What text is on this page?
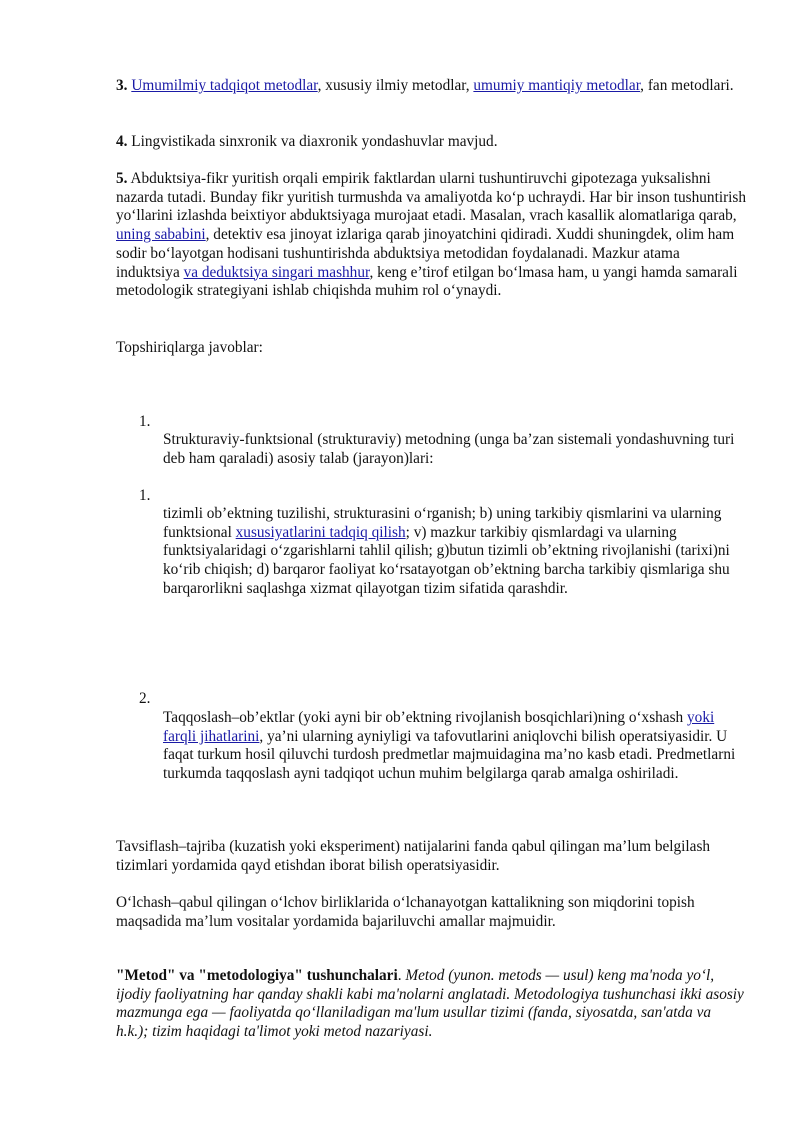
3. Umumilmiy tadqiqot metodlar, xususiy ilmiy metodlar, umumiy mantiqiy metodlar, fan metodlari.

4. Lingvistikada sinxronik va diaxronik yondashuvlar mavjud.

5. Abduktsiya-fikr yuritish orqali empirik faktlardan ularni tushuntiruvchi gipotezaga yuksalishni nazarda tutadi. Bunday fikr yuritish turmushda va amaliyotda ko‘p uchraydi. Har bir inson tushuntirish yo‘llarini izlashda beixtiyor abduktsiyaga murojaat etadi. Masalan, vrach kasallik alomatlariga qarab, uning sababini, detektiv esa jinoyat izlariga qarab jinoyatchini qidiradi. Xuddi shuningdek, olim ham sodir bo‘layotgan hodisani tushuntirishda abduktsiya metodidan foydalanadi. Mazkur atama induktsiya va deduktsiya singari mashhur, keng e’tirof etilgan bo‘lmasa ham, u yangi hamda samarali metodologik strategiyani ishlab chiqishda muhim rol o‘ynaydi.

Topshiriqlarga javoblar:

1.

Strukturaviy-funktsional (strukturaviy) metodning (unga ba’zan sistemali yondashuvning turi deb ham qaraladi) asosiy talab (jarayon)lari:

1.

tizimli ob’ektning tuzilishi, strukturasini o‘rganish; b) uning tarkibiy qismlarini va ularning funktsional xususiyatlarini tadqiq qilish; v) mazkur tarkibiy qismlardagi va ularning funktsiyalaridagi o‘zgarishlarni tahlil qilish; g)butun tizimli ob’ektning rivojlanishi (tarixi)ni ko‘rib chiqish; d) barqaror faoliyat ko‘rsatayotgan ob’ektning barcha tarkibiy qismlariga shu barqarorlikni saqlashga xizmat qilayotgan tizim sifatida qarashdir.

2.

Taqqoslash–ob’ektlar (yoki ayni bir ob’ektning rivojlanish bosqichlari)ning o‘xshash yoki farqli jihatlarini, ya’ni ularning ayniyligi va tafovutlarini aniqlovchi bilish operatsiyasidir. U faqat turkum hosil qiluvchi turdosh predmetlar majmuidagina ma’no kasb etadi. Predmetlarni turkumda taqqoslash ayni tadqiqot uchun muhim belgilarga qarab amalga oshiriladi.

Tavsiflash–tajriba (kuzatish yoki eksperiment) natijalarini fanda qabul qilingan ma’lum belgilash tizimlari yordamida qayd etishdan iborat bilish operatsiyasidir.

O‘lchash–qabul qilingan o‘lchov birliklarida o‘lchanayotgan kattalikning son miqdorini topish maqsadida ma’lum vositalar yordamida bajariluvchi amallar majmuidir.

"Metod" va "metodologiya" tushunchalari. Metod (yunon. metods — usul) keng ma'noda yo‘l, ijodiy faoliyatning har qanday shakli kabi ma'nolarni anglatadi. Metodologiya tushunchasi ikki asosiy mazmunga ega — faoliyatda qo‘llaniladigan ma'lum usullar tizimi (fanda, siyosatda, san'atda va h.k.); tizim haqidagi ta'limot yoki metod nazariyasi.
